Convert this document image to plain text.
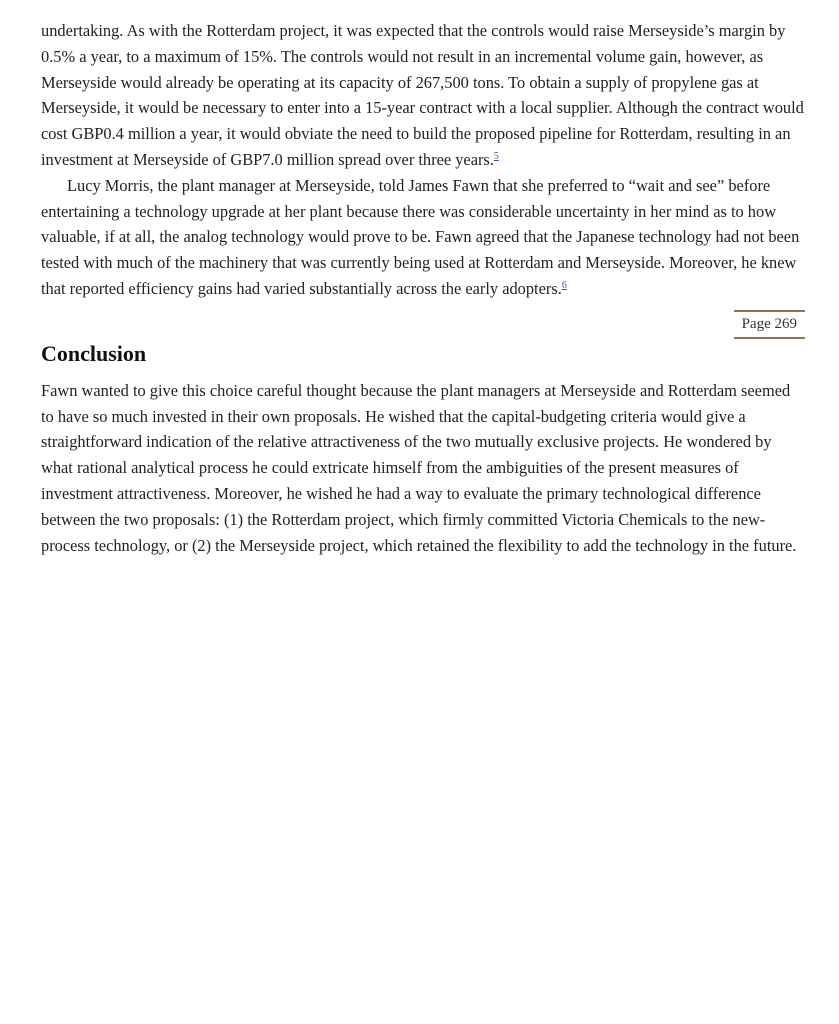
undertaking. As with the Rotterdam project, it was expected that the controls would raise Merseyside’s margin by 0.5% a year, to a maximum of 15%. The controls would not result in an incremental volume gain, however, as Merseyside would already be operating at its capacity of 267,500 tons. To obtain a supply of propylene gas at Merseyside, it would be necessary to enter into a 15-year contract with a local supplier. Although the contract would cost GBP0.4 million a year, it would obviate the need to build the proposed pipeline for Rotterdam, resulting in an investment at Merseyside of GBP7.0 million spread over three years.$^5$

Lucy Morris, the plant manager at Merseyside, told James Fawn that she preferred to “wait and see” before entertaining a technology upgrade at her plant because there was considerable uncertainty in her mind as to how valuable, if at all, the analog technology would prove to be. Fawn agreed that the Japanese technology had not been tested with much of the machinery that was currently being used at Rotterdam and Merseyside. Moreover, he knew that reported efficiency gains had varied substantially across the early adopters.$^6$

Page 269
Conclusion

Fawn wanted to give this choice careful thought because the plant managers at Merseyside and Rotterdam seemed to have so much invested in their own proposals. He wished that the capital-budgeting criteria would give a straightforward indication of the relative attractiveness of the two mutually exclusive projects. He wondered by what rational analytical process he could extricate himself from the ambiguities of the present measures of investment attractiveness. Moreover, he wished he had a way to evaluate the primary technological difference between the two proposals: (1) the Rotterdam project, which firmly committed Victoria Chemicals to the new-process technology, or (2) the Merseyside project, which retained the flexibility to add the technology in the future.
